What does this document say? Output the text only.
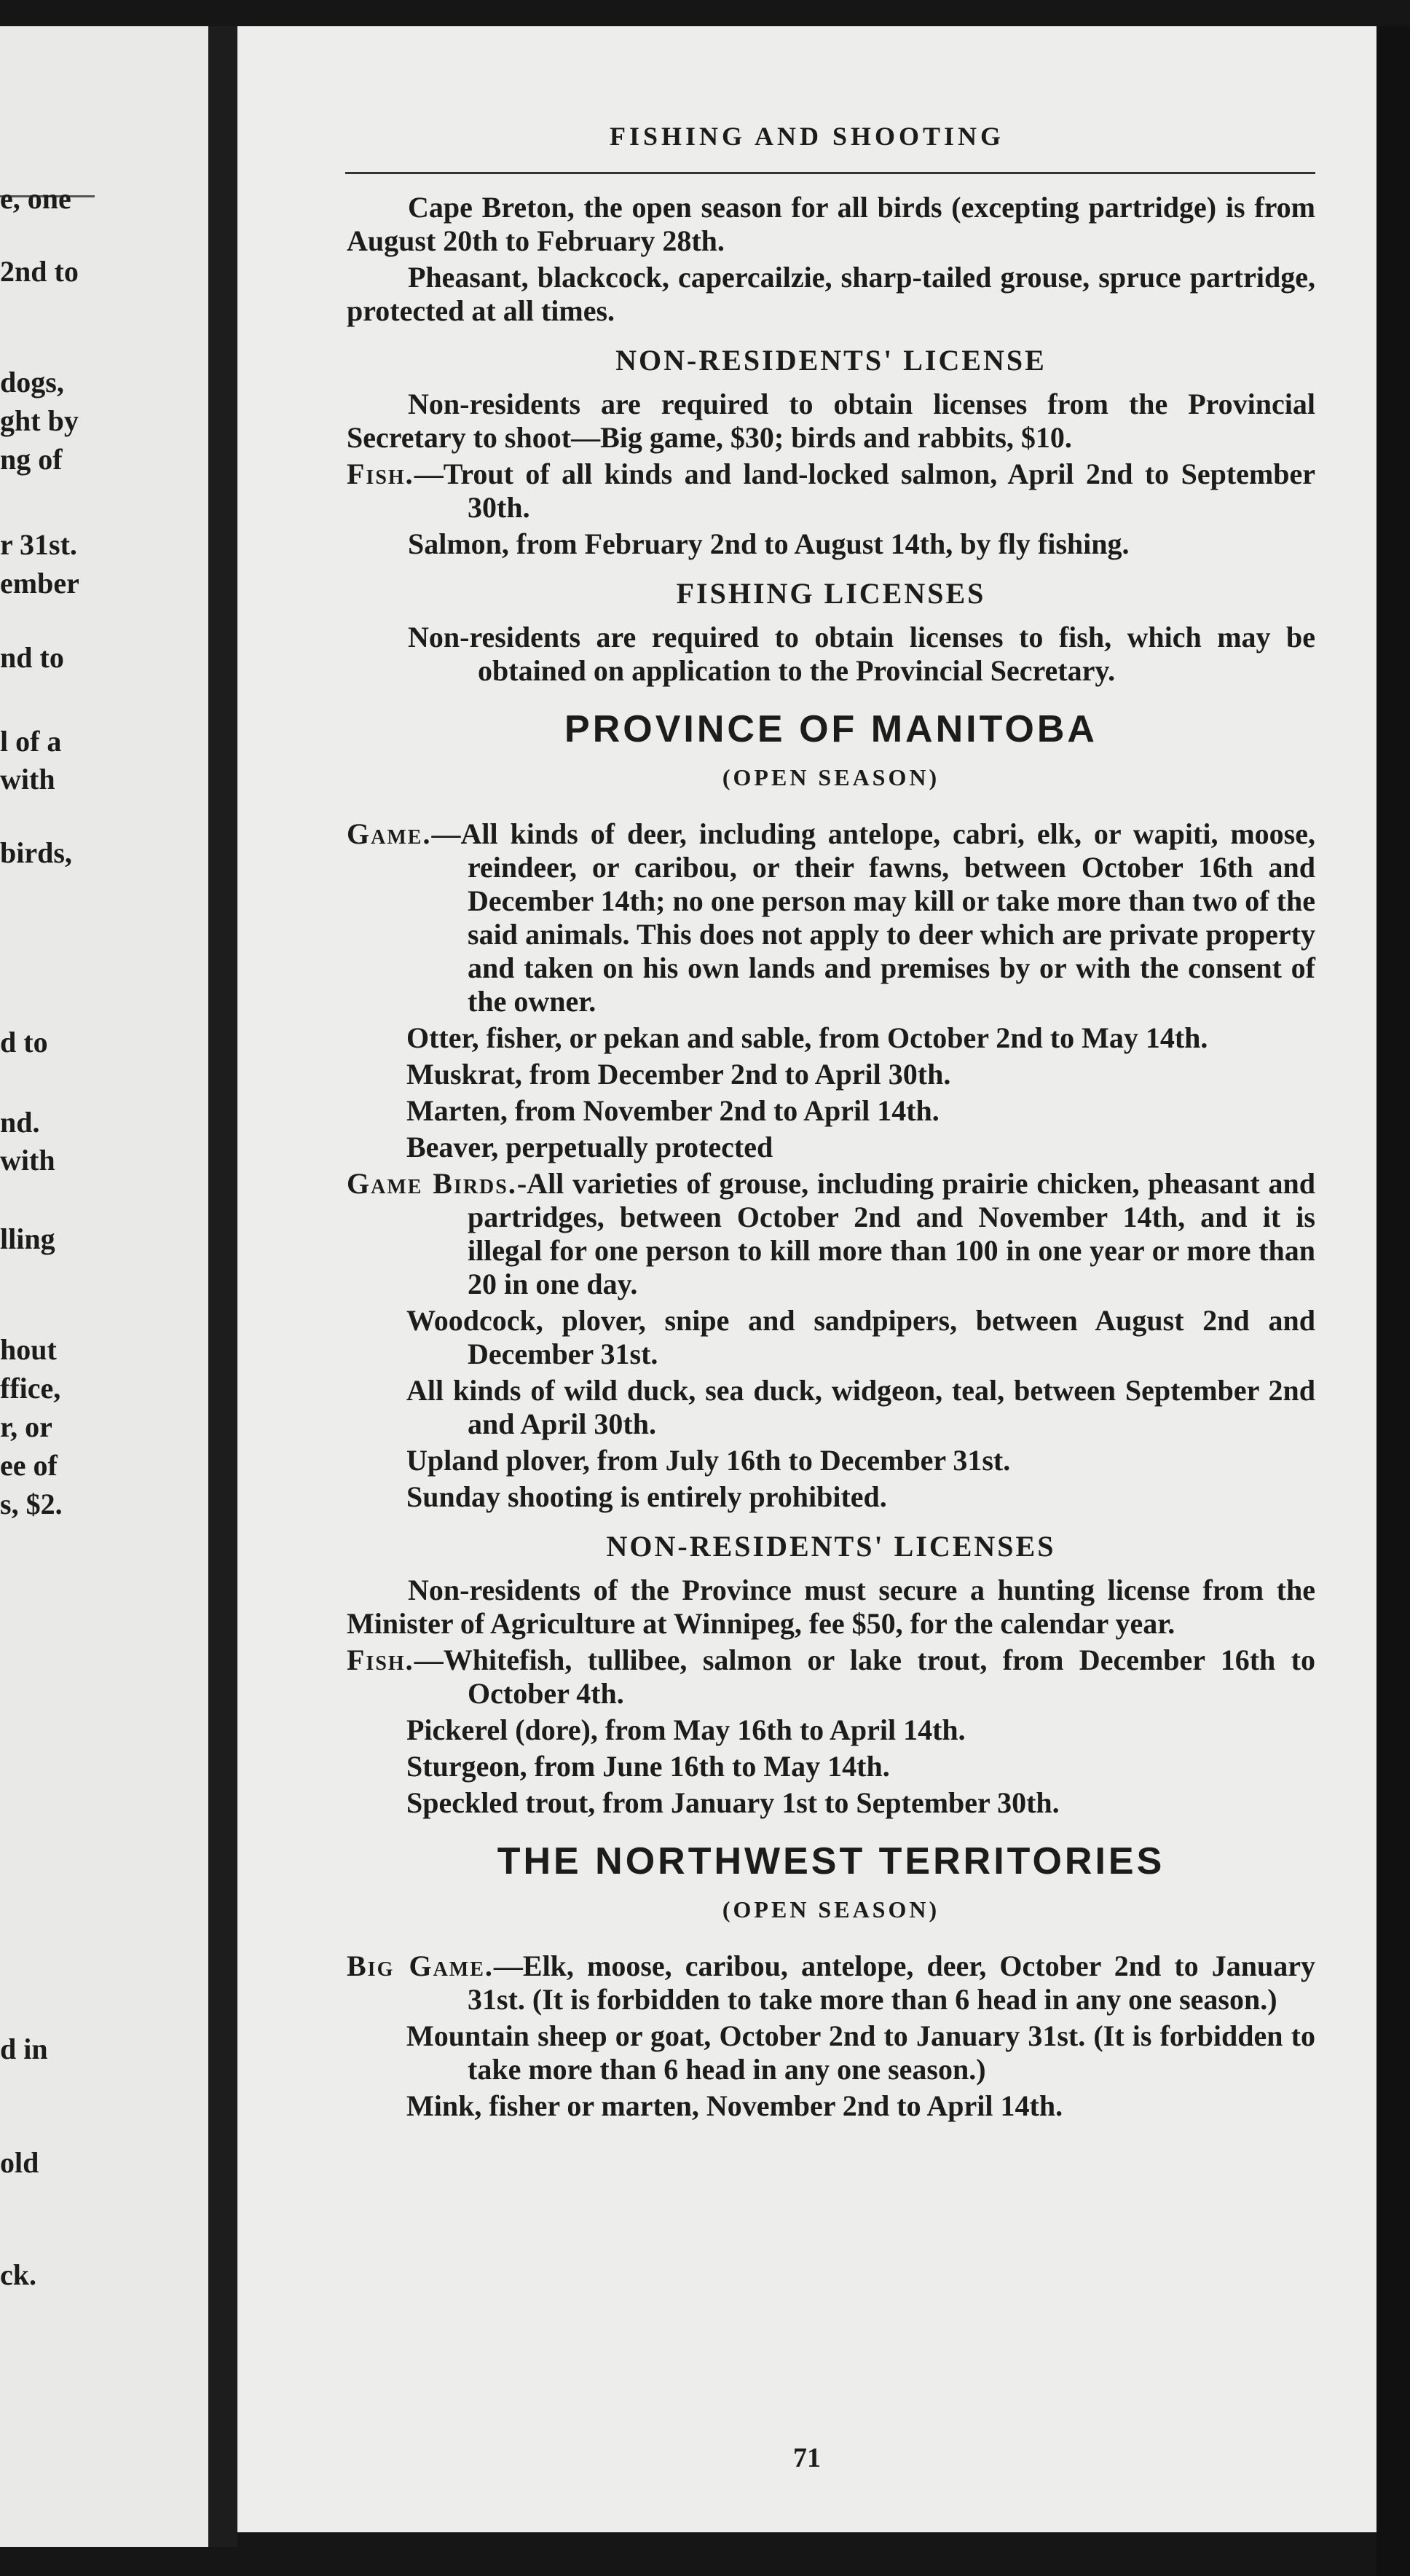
e, one
2nd to
dogs,
ght by
ng of
r 31st.
ember
nd to
l of a
with
birds,
d to
nd.
with
lling
hout
ffice,
r, or
ee of
s, $2.
d in
old
ck.
FISHING AND SHOOTING
Cape Breton, the open season for all birds (excepting partridge) is from August 20th to February 28th.
Pheasant, blackcock, capercailzie, sharp-tailed grouse, spruce partridge, protected at all times.
NON-RESIDENTS' LICENSE
Non-residents are required to obtain licenses from the Provincial Secretary to shoot—Big game, $30; birds and rabbits, $10.
Fish.—Trout of all kinds and land-locked salmon, April 2nd to September 30th.
Salmon, from February 2nd to August 14th, by fly fishing.
FISHING LICENSES
Non-residents are required to obtain licenses to fish, which may be obtained on application to the Provincial Secretary.
PROVINCE OF MANITOBA
(OPEN SEASON)
Game.—All kinds of deer, including antelope, cabri, elk, or wapiti, moose, reindeer, or caribou, or their fawns, between October 16th and December 14th; no one person may kill or take more than two of the said animals. This does not apply to deer which are private property and taken on his own lands and premises by or with the consent of the owner.
Otter, fisher, or pekan and sable, from October 2nd to May 14th.
Muskrat, from December 2nd to April 30th.
Marten, from November 2nd to April 14th.
Beaver, perpetually protected
Game Birds.-All varieties of grouse, including prairie chicken, pheasant and partridges, between October 2nd and November 14th, and it is illegal for one person to kill more than 100 in one year or more than 20 in one day.
Woodcock, plover, snipe and sandpipers, between August 2nd and December 31st.
All kinds of wild duck, sea duck, widgeon, teal, between September 2nd and April 30th.
Upland plover, from July 16th to December 31st.
Sunday shooting is entirely prohibited.
NON-RESIDENTS' LICENSES
Non-residents of the Province must secure a hunting license from the Minister of Agriculture at Winnipeg, fee $50, for the calendar year.
Fish.—Whitefish, tullibee, salmon or lake trout, from December 16th to October 4th.
Pickerel (dore), from May 16th to April 14th.
Sturgeon, from June 16th to May 14th.
Speckled trout, from January 1st to September 30th.
THE NORTHWEST TERRITORIES
(OPEN SEASON)
Big Game.—Elk, moose, caribou, antelope, deer, October 2nd to January 31st. (It is forbidden to take more than 6 head in any one season.)
Mountain sheep or goat, October 2nd to January 31st. (It is forbidden to take more than 6 head in any one season.)
Mink, fisher or marten, November 2nd to April 14th.
71
